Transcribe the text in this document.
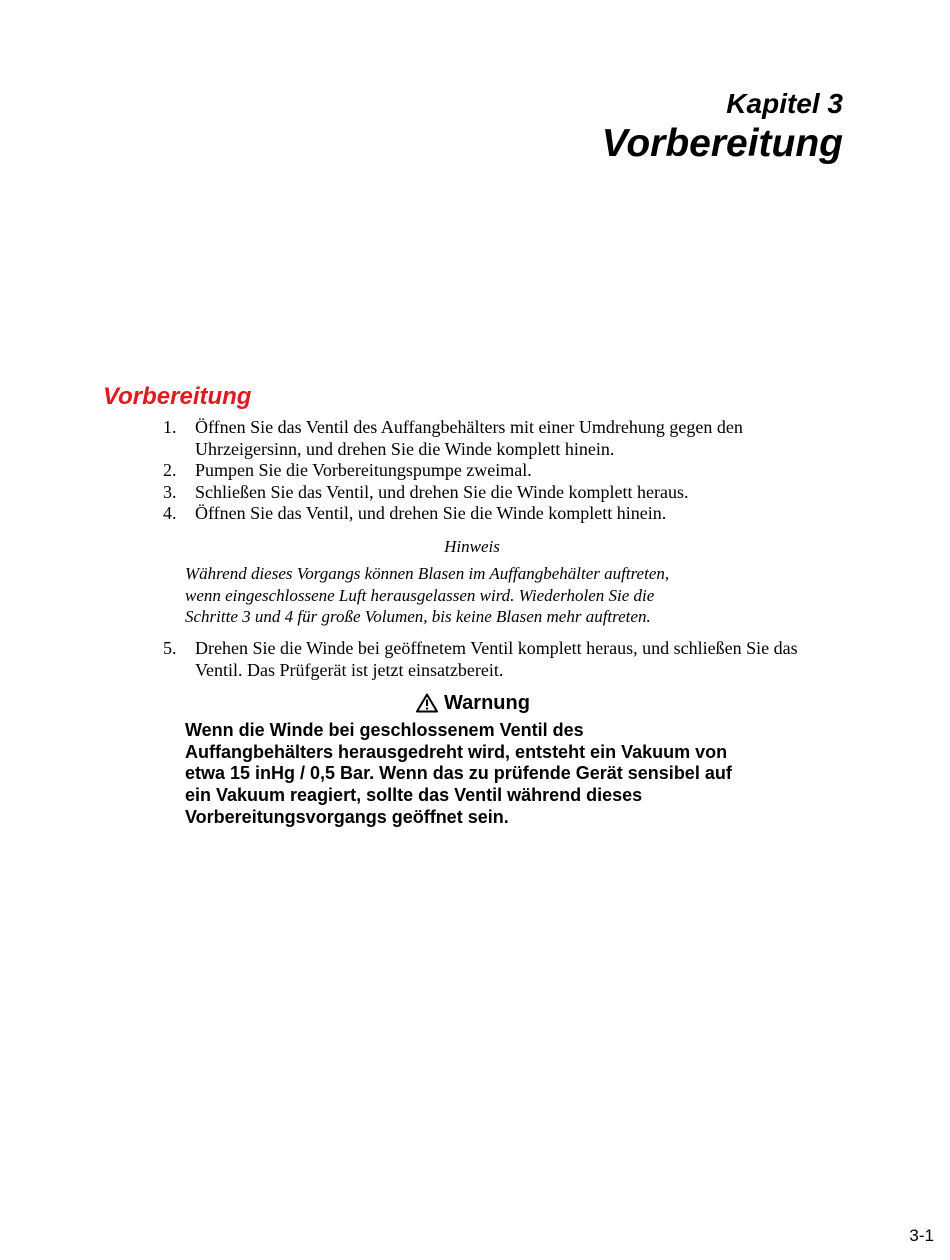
Kapitel 3
Vorbereitung
Vorbereitung
1.	Öffnen Sie das Ventil des Auffangbehälters mit einer Umdrehung gegen den Uhrzeigersinn, und drehen Sie die Winde komplett hinein.
2.	Pumpen Sie die Vorbereitungspumpe zweimal.
3.	Schließen Sie das Ventil, und drehen Sie die Winde komplett heraus.
4.	Öffnen Sie das Ventil, und drehen Sie die Winde komplett hinein.
Hinweis
Während dieses Vorgangs können Blasen im Auffangbehälter auftreten,
wenn eingeschlossene Luft herausgelassen wird. Wiederholen Sie die
Schritte 3 und 4 für große Volumen, bis keine Blasen mehr auftreten.
5.	Drehen Sie die Winde bei geöffnetem Ventil komplett heraus, und schließen Sie das Ventil. Das Prüfgerät ist jetzt einsatzbereit.
Warnung
Wenn die Winde bei geschlossenem Ventil des
Auffangbehälters herausgedreht wird, entsteht ein Vakuum von
etwa 15 inHg / 0,5 Bar. Wenn das zu prüfende Gerät sensibel auf
ein Vakuum reagiert, sollte das Ventil während dieses
Vorbereitungsvorgangs geöffnet sein.
3-1
